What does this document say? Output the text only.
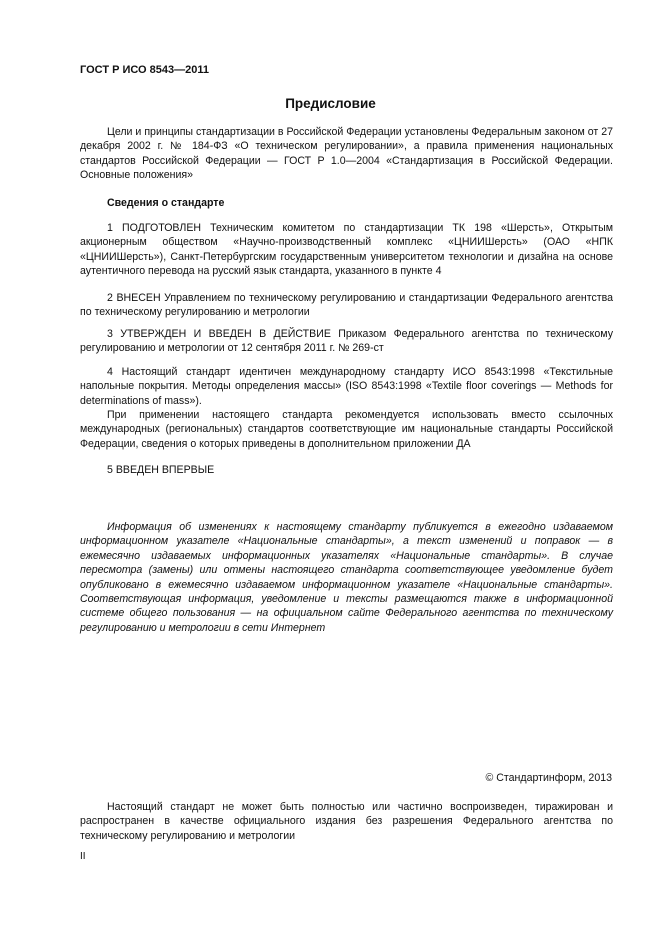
ГОСТ Р ИСО 8543—2011
Предисловие

Цели и принципы стандартизации в Российской Федерации установлены Федеральным законом от 27 декабря 2002 г. № 184-ФЗ «О техническом регулировании», а правила применения национальных стандартов Российской Федерации — ГОСТ Р 1.0—2004 «Стандартизация в Российской Федерации. Основные положения»

Сведения о стандарте

1 ПОДГОТОВЛЕН Техническим комитетом по стандартизации ТК 198 «Шерсть», Открытым акционерным обществом «Научно-производственный комплекс «ЦНИИШерсть» (ОАО «НПК «ЦНИИШерсть»), Санкт-Петербургским государственным университетом технологии и дизайна на основе аутентичного перевода на русский язык стандарта, указанного в пункте 4

2 ВНЕСЕН Управлением по техническому регулированию и стандартизации Федерального агентства по техническому регулированию и метрологии

3 УТВЕРЖДЕН И ВВЕДЕН В ДЕЙСТВИЕ Приказом Федерального агентства по техническому регулированию и метрологии от 12 сентября 2011 г. № 269-ст

4 Настоящий стандарт идентичен международному стандарту ИСО 8543:1998 «Текстильные напольные покрытия. Методы определения массы» (ISO 8543:1998 «Textile floor coverings — Methods for determinations of mass»).

При применении настоящего стандарта рекомендуется использовать вместо ссылочных международных (региональных) стандартов соответствующие им национальные стандарты Российской Федерации, сведения о которых приведены в дополнительном приложении ДА

5 ВВЕДЕН ВПЕРВЫЕ

Информация об изменениях к настоящему стандарту публикуется в ежегодно издаваемом информационном указателе «Национальные стандарты», а текст изменений и поправок — в ежемесячно издаваемых информационных указателях «Национальные стандарты». В случае пересмотра (замены) или отмены настоящего стандарта соответствующее уведомление будет опубликовано в ежемесячно издаваемом информационном указателе «Национальные стандарты». Соответствующая информация, уведомление и тексты размещаются также в информационной системе общего пользования — на официальном сайте Федерального агентства по техническому регулированию и метрологии в сети Интернет

© Стандартинформ, 2013

Настоящий стандарт не может быть полностью или частично воспроизведен, тиражирован и распространен в качестве официального издания без разрешения Федерального агентства по техническому регулированию и метрологии

II
